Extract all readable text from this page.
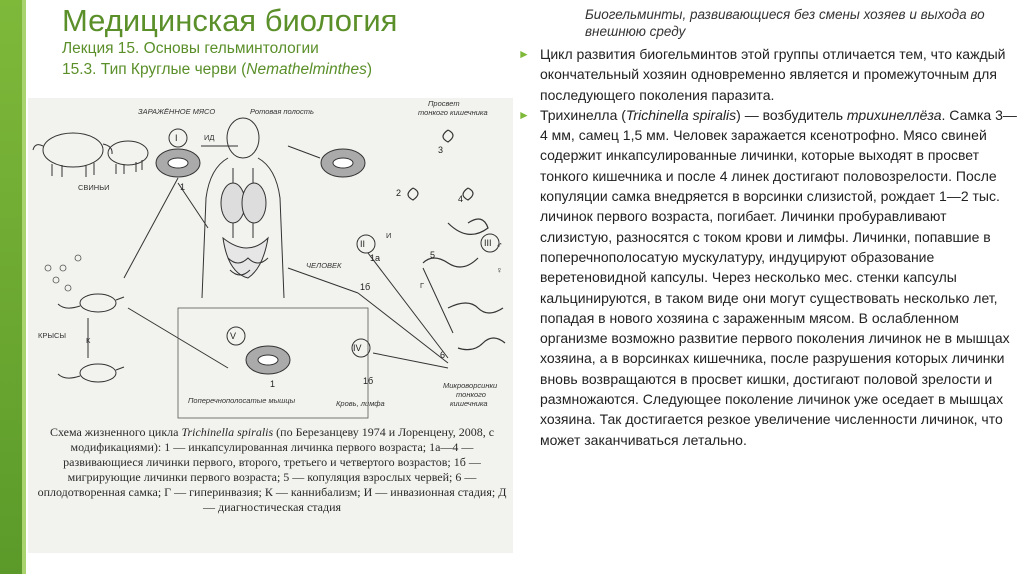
Медицинская биология
Лекция 15. Основы гельминтологии
15.3. Тип Круглые черви (Nemathelminthes)
СВИНЬИ
КРЫСЫ
К
ЗАРАЖЁННОЕ МЯСО
I	ИД
1
Ротовая полость
ЧЕЛОВЕК
Просвет
тонкого кишечника
3
2
4
5
6
♂
♀
III
II
И
1а
1б	Г
IV
1б
Кровь, лимфа
V
1
Поперечнополосатые мышцы
Микроворсинки
тонкого
кишечника
Схема жизненного цикла Trichinella spiralis (по Березанцеву 1974 и Лоренцену, 2008, с модификациями): 1 — инкапсулированная личинка первого возраста; 1а—4 — развивающиеся личинки первого, второго, третьего и четвертого возрастов; 1б — мигрирующие личинки первого возраста; 5 — копуляция взрослых червей; 6 — оплодотворенная самка; Г — гиперинвазия; К — каннибализм; И — инвазионная стадия; Д — диагностическая стадия
Биогельминты, развивающиеся без смены хозяев и выхода во внешнюю среду
► Цикл развития биогельминтов этой группы отличается тем, что каждый окончательный хозяин одновременно является и промежуточным для последующего поколения паразита.
► Трихинелла (Trichinella spiralis) — возбудитель трихинеллёза. Самка 3—4 мм, самец 1,5 мм. Человек заражается ксенотрофно. Мясо свиней содержит инкапсулированные личинки, которые выходят в просвет тонкого кишечника и после 4 линек достигают половозрелости. После копуляции самка внедряется в ворсинки слизистой, рождает 1—2 тыс. личинок первого возраста, погибает. Личинки пробуравливают слизистую, разносятся с током крови и лимфы. Личинки, попавшие в поперечнополосатую мускулатуру, индуцируют образование веретеновидной капсулы. Через несколько мес. стенки капсулы кальцинируются, в таком виде они могут существовать несколько лет, попадая в нового хозяина с зараженным мясом. В ослабленном организме возможно развитие первого поколения личинок не в мышцах хозяина, а в ворсинках кишечника, после разрушения которых личинки вновь возвращаются в просвет кишки, достигают половой зрелости и размножаются. Следующее поколение личинок уже оседает в мышцах хозяина. Так достигается резкое увеличение численности личинок, что может заканчиваться летально.
